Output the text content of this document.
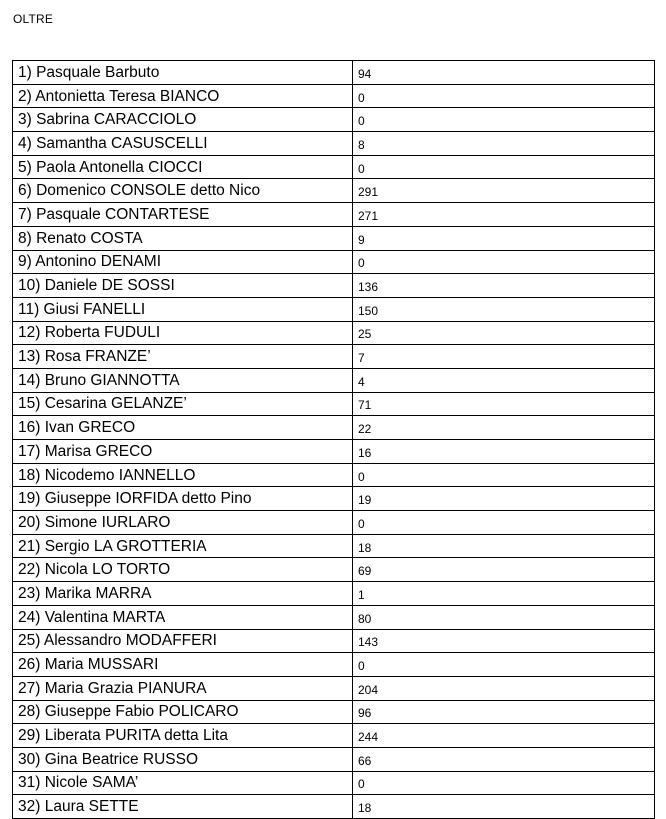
OLTRE
1) Pasquale Barbuto	94
2) Antonietta Teresa BIANCO	0
3) Sabrina CARACCIOLO	0
4) Samantha CASUSCELLI	8
5) Paola Antonella CIOCCI	0
6) Domenico CONSOLE detto Nico	291
7) Pasquale CONTARTESE	271
8) Renato COSTA	9
9) Antonino DENAMI	0
10) Daniele DE SOSSI	136
11) Giusi FANELLI	150
12) Roberta FUDULI	25
13) Rosa FRANZE’	7
14) Bruno GIANNOTTA	4
15) Cesarina GELANZE’	71
16) Ivan GRECO	22
17) Marisa GRECO	16
18) Nicodemo IANNELLO	0
19) Giuseppe IORFIDA detto Pino	19
20) Simone IURLARO	0
21) Sergio LA GROTTERIA	18
22) Nicola LO TORTO	69
23) Marika MARRA	1
24) Valentina MARTA	80
25) Alessandro MODAFFERI	143
26) Maria MUSSARI	0
27) Maria Grazia PIANURA	204
28) Giuseppe Fabio POLICARO	96
29) Liberata PURITA detta Lita	244
30) Gina Beatrice RUSSO	66
31) Nicole SAMA’	0
32) Laura SETTE	18
